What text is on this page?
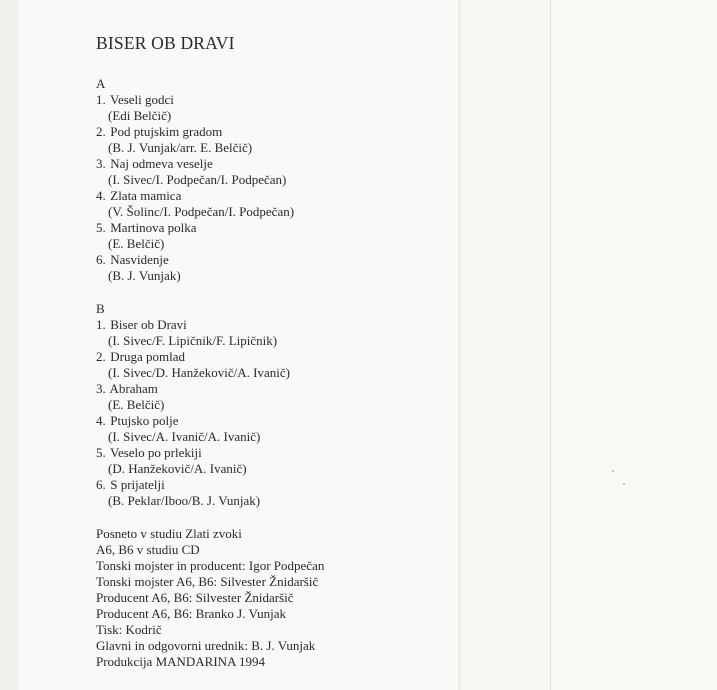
BISER OB DRAVI
A
1. Veseli godci
(Edi Belčič)
2. Pod ptujskim gradom
(B. J. Vunjak/arr. E. Belčič)
3. Naj odmeva veselje
(I. Sivec/I. Podpečan/I. Podpečan)
4. Zlata mamica
(V. Šolinc/I. Podpečan/I. Podpečan)
5. Martinova polka
(E. Belčič)
6. Nasvidenje
(B. J. Vunjak)
B
1. Biser ob Dravi
(I. Sivec/F. Lipičnik/F. Lipičnik)
2. Druga pomlad
(I. Sivec/D. Hanžekovič/A. Ivanič)
3. Abraham
(E. Belčič)
4. Ptujsko polje
(I. Sivec/A. Ivanič/A. Ivanič)
5. Veselo po prlekiji
(D. Hanžekovič/A. Ivanič)
6. S prijatelji
(B. Peklar/Iboo/B. J. Vunjak)
Posneto v studiu Zlati zvoki
A6, B6 v studiu CD
Tonski mojster in producent: Igor Podpečan
Tonski mojster A6, B6: Silvester Žnidaršič
Producent A6, B6: Silvester Žnidaršič
Producent A6, B6: Branko J. Vunjak
Tisk: Kodrič
Glavni in odgovorni urednik: B. J. Vunjak
Produkcija MANDARINA 1994
